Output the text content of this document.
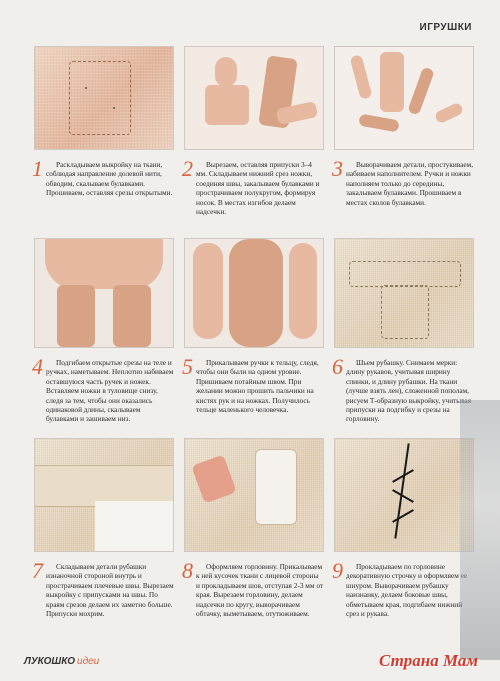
ИГРУШКИ
1	Раскладываем выкройку на ткани, соблюдая направление долевой нити, обводим, скалываем булавками. Прошиваем, оставляя срезы открытыми.
2	Вырезаем, оставляя припуски 3–4 мм. Складываем нижний срез ножки, соединяя швы, закалываем булавками и прострачиваем полукругом, формируя носок. В местах изгибов делаем надсечки.
3	Выворачиваем детали, простукиваем, набиваем наполнителем. Ручки и ножки наполняем только до середины, закалываем булавками. Прошиваем в местах сколов булавками.
4	Подгибаем открытые срезы на теле и ручках, наметываем. Неплотно набиваем оставшуюся часть ручек и ножек. Вставляем ножки в туловище снизу, следя за тем, чтобы они оказались одинаковой длины, скалываем булавками и зашиваем низ.
5	Прикалываем ручки к тельцу, следя, чтобы они были на одном уровне. Пришиваем потайным швом. При желании можно прошить пальчики на кистях рук и на ножках. Получилось тельце маленького человечка.
6	Шьем рубашку. Снимаем мерки: длину рукавов, учитывая ширину спинки, и длину рубашки. На ткани (лучше взять лен), сложенной пополам, рисуем Т-образную выкройку, учитывая припуски на подгибку и срезы на горловину.
7	Складываем детали рубашки изнаночной стороной внутрь и прострачиваем плечевые швы. Вырезаем выкройку с припусками на швы. По краям срезов делаем их заметно больше. Припуски мохрим.
8	Оформляем горловину. Прикалываем к ней кусочек ткани с лицевой стороны и прокладываем шов, отступая 2-3 мм от края. Вырезаем горловину, делаем надсечки по кругу, выворачиваем обтачку, выметываем, отутюживаем.
9	Прокладываем по горловине декоративную строчку и оформляем ее шнуром. Выворачиваем рубашку наизнанку, делаем боковые швы, обметываем края, подгибаем нижний срез и рукава.
ЛУКОШКО идеи	Страна Мам
